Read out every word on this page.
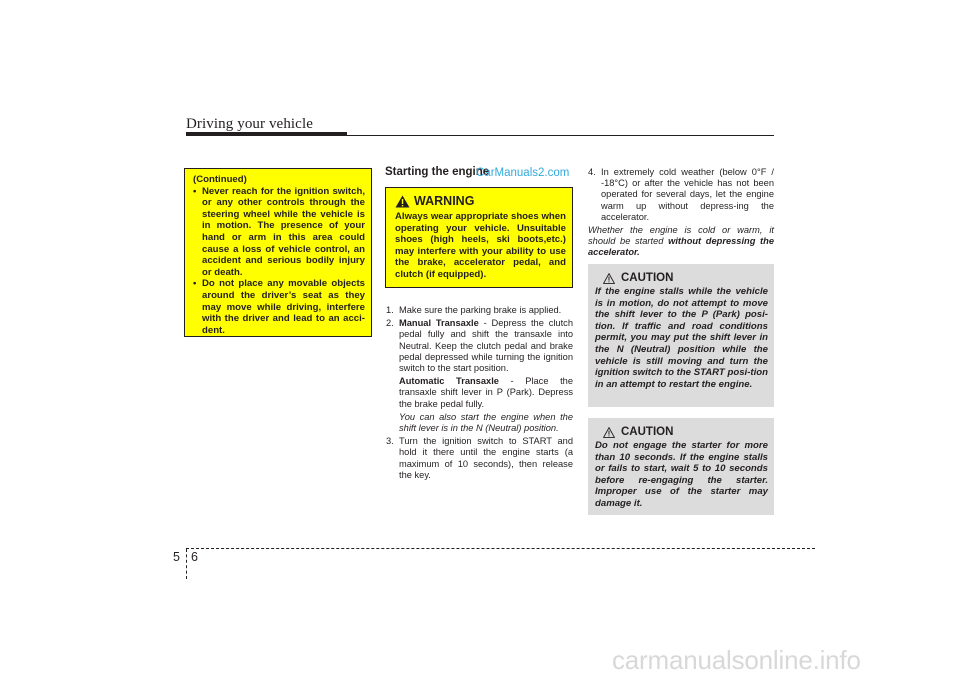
Driving your vehicle
(Continued)
• Never reach for the ignition switch, or any other controls through the steering wheel while the vehicle is in motion. The presence of your hand or arm in this area could cause a loss of vehicle control, an accident and serious bodily injury or death.
• Do not place any movable objects around the driver’s seat as they may move while driving, interfere with the driver and lead to an acci-dent.
Starting the engine
CarManuals2.com
WARNING
Always wear appropriate shoes when operating your vehicle. Unsuitable shoes (high heels, ski boots,etc.) may interfere with your ability to use the brake, accelerator pedal, and clutch (if equipped).
1. Make sure the parking brake is applied.
2. Manual Transaxle - Depress the clutch pedal fully and shift the transaxle into Neutral. Keep the clutch pedal and brake pedal depressed while turning the ignition switch to the start position.
Automatic Transaxle - Place the transaxle shift lever in P (Park). Depress the brake pedal fully.
You can also start the engine when the shift lever is in the N (Neutral) position.
3. Turn the ignition switch to START and hold it there until the engine starts (a maximum of 10 seconds), then release the key.
4. In extremely cold weather (below 0°F / -18°C) or after the vehicle has not been operated for several days, let the engine warm up without depress-ing the accelerator.
Whether the engine is cold or warm, it should be started without depressing the accelerator.
CAUTION
If the engine stalls while the vehicle is in motion, do not attempt to move the shift lever to the P (Park) posi-tion. If traffic and road conditions permit, you may put the shift lever in the N (Neutral) position while the vehicle is still moving and turn the ignition switch to the START posi-tion in an attempt to restart the engine.
CAUTION
Do not engage the starter for more than 10 seconds. If the engine stalls or fails to start, wait 5 to 10 seconds before re-engaging the starter. Improper use of the starter may damage it.
5 6
carmanualsonline.info
